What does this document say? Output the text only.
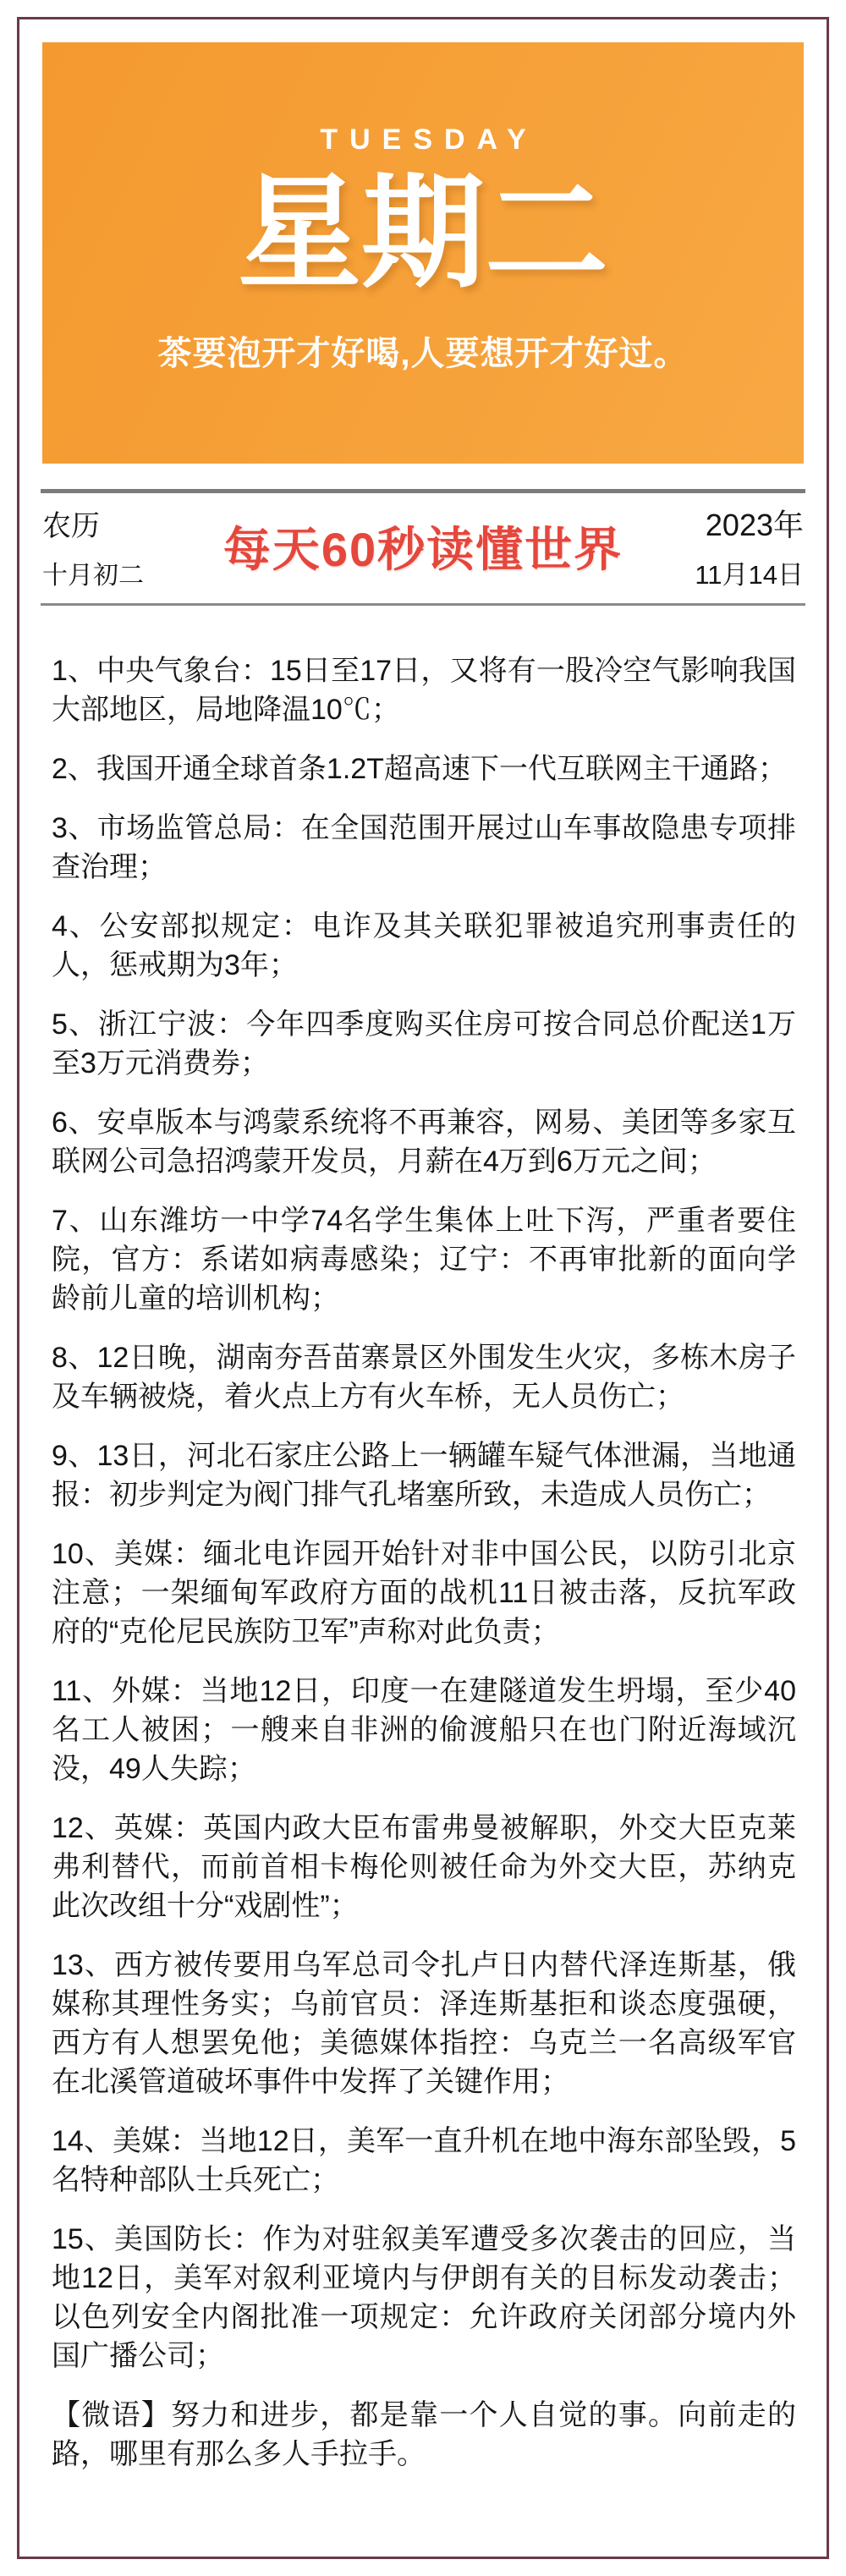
TUESDAY
星期二
茶要泡开才好喝,人要想开才好过。
农历
十月初二	每天60秒读懂世界	2023年
11月14日

1、中央气象台：15日至17日，又将有一股冷空气影响我国大部地区，局地降温10℃；

2、我国开通全球首条1.2T超高速下一代互联网主干通路；

3、市场监管总局：在全国范围开展过山车事故隐患专项排查治理；

4、公安部拟规定：电诈及其关联犯罪被追究刑事责任的人，惩戒期为3年；

5、浙江宁波：今年四季度购买住房可按合同总价配送1万至3万元消费券；

6、安卓版本与鸿蒙系统将不再兼容，网易、美团等多家互联网公司急招鸿蒙开发员，月薪在4万到6万元之间；

7、山东潍坊一中学74名学生集体上吐下泻，严重者要住院，官方：系诺如病毒感染；辽宁：不再审批新的面向学龄前儿童的培训机构；

8、12日晚，湖南夯吾苗寨景区外围发生火灾，多栋木房子及车辆被烧，着火点上方有火车桥，无人员伤亡；

9、13日，河北石家庄公路上一辆罐车疑气体泄漏，当地通报：初步判定为阀门排气孔堵塞所致，未造成人员伤亡；

10、美媒：缅北电诈园开始针对非中国公民，以防引北京注意；一架缅甸军政府方面的战机11日被击落，反抗军政府的“克伦尼民族防卫军”声称对此负责；

11、外媒：当地12日，印度一在建隧道发生坍塌，至少40名工人被困；一艘来自非洲的偷渡船只在也门附近海域沉没，49人失踪；

12、英媒：英国内政大臣布雷弗曼被解职，外交大臣克莱弗利替代，而前首相卡梅伦则被任命为外交大臣，苏纳克此次改组十分“戏剧性”；

13、西方被传要用乌军总司令扎卢日内替代泽连斯基，俄媒称其理性务实；乌前官员：泽连斯基拒和谈态度强硬，西方有人想罢免他；美德媒体指控：乌克兰一名高级军官在北溪管道破坏事件中发挥了关键作用；

14、美媒：当地12日，美军一直升机在地中海东部坠毁，5名特种部队士兵死亡；

15、美国防长：作为对驻叙美军遭受多次袭击的回应，当地12日，美军对叙利亚境内与伊朗有关的目标发动袭击；以色列安全内阁批准一项规定：允许政府关闭部分境内外国广播公司；

【微语】努力和进步，都是靠一个人自觉的事。向前走的路，哪里有那么多人手拉手。
